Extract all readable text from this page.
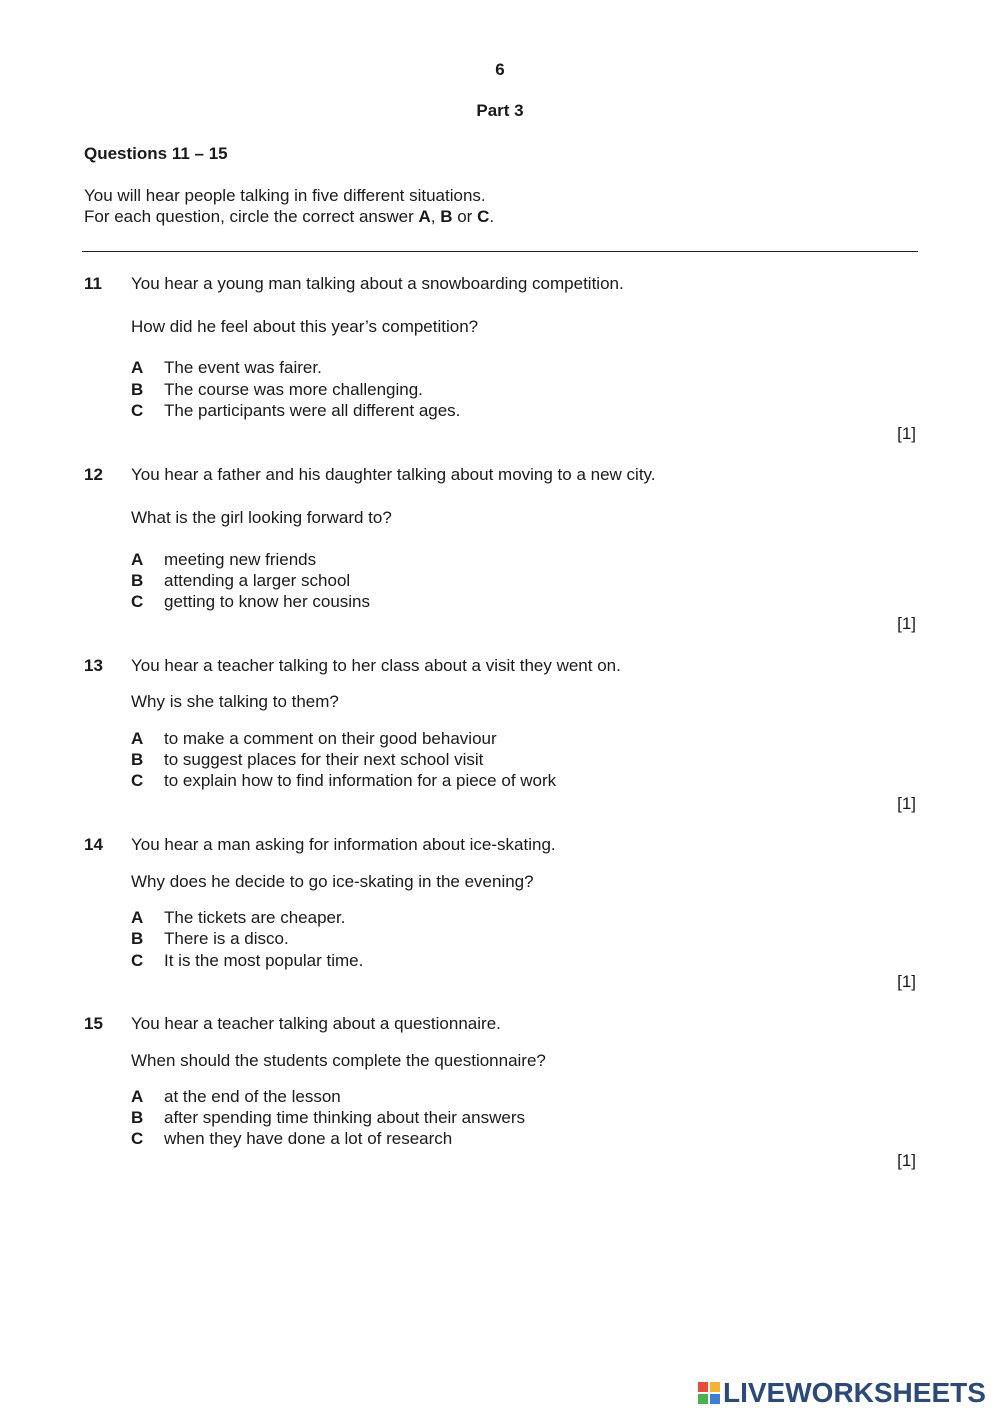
6
Part 3
Questions 11 – 15
You will hear people talking in five different situations.
For each question, circle the correct answer A, B or C.
11 You hear a young man talking about a snowboarding competition.
How did he feel about this year’s competition?
A The event was fairer.
B The course was more challenging.
C The participants were all different ages.
[1]
12 You hear a father and his daughter talking about moving to a new city.
What is the girl looking forward to?
A meeting new friends
B attending a larger school
C getting to know her cousins
[1]
13 You hear a teacher talking to her class about a visit they went on.
Why is she talking to them?
A to make a comment on their good behaviour
B to suggest places for their next school visit
C to explain how to find information for a piece of work
[1]
14 You hear a man asking for information about ice-skating.
Why does he decide to go ice-skating in the evening?
A The tickets are cheaper.
B There is a disco.
C It is the most popular time.
[1]
15 You hear a teacher talking about a questionnaire.
When should the students complete the questionnaire?
A at the end of the lesson
B after spending time thinking about their answers
C when they have done a lot of research
[1]
LIVEWORKSHEETS
